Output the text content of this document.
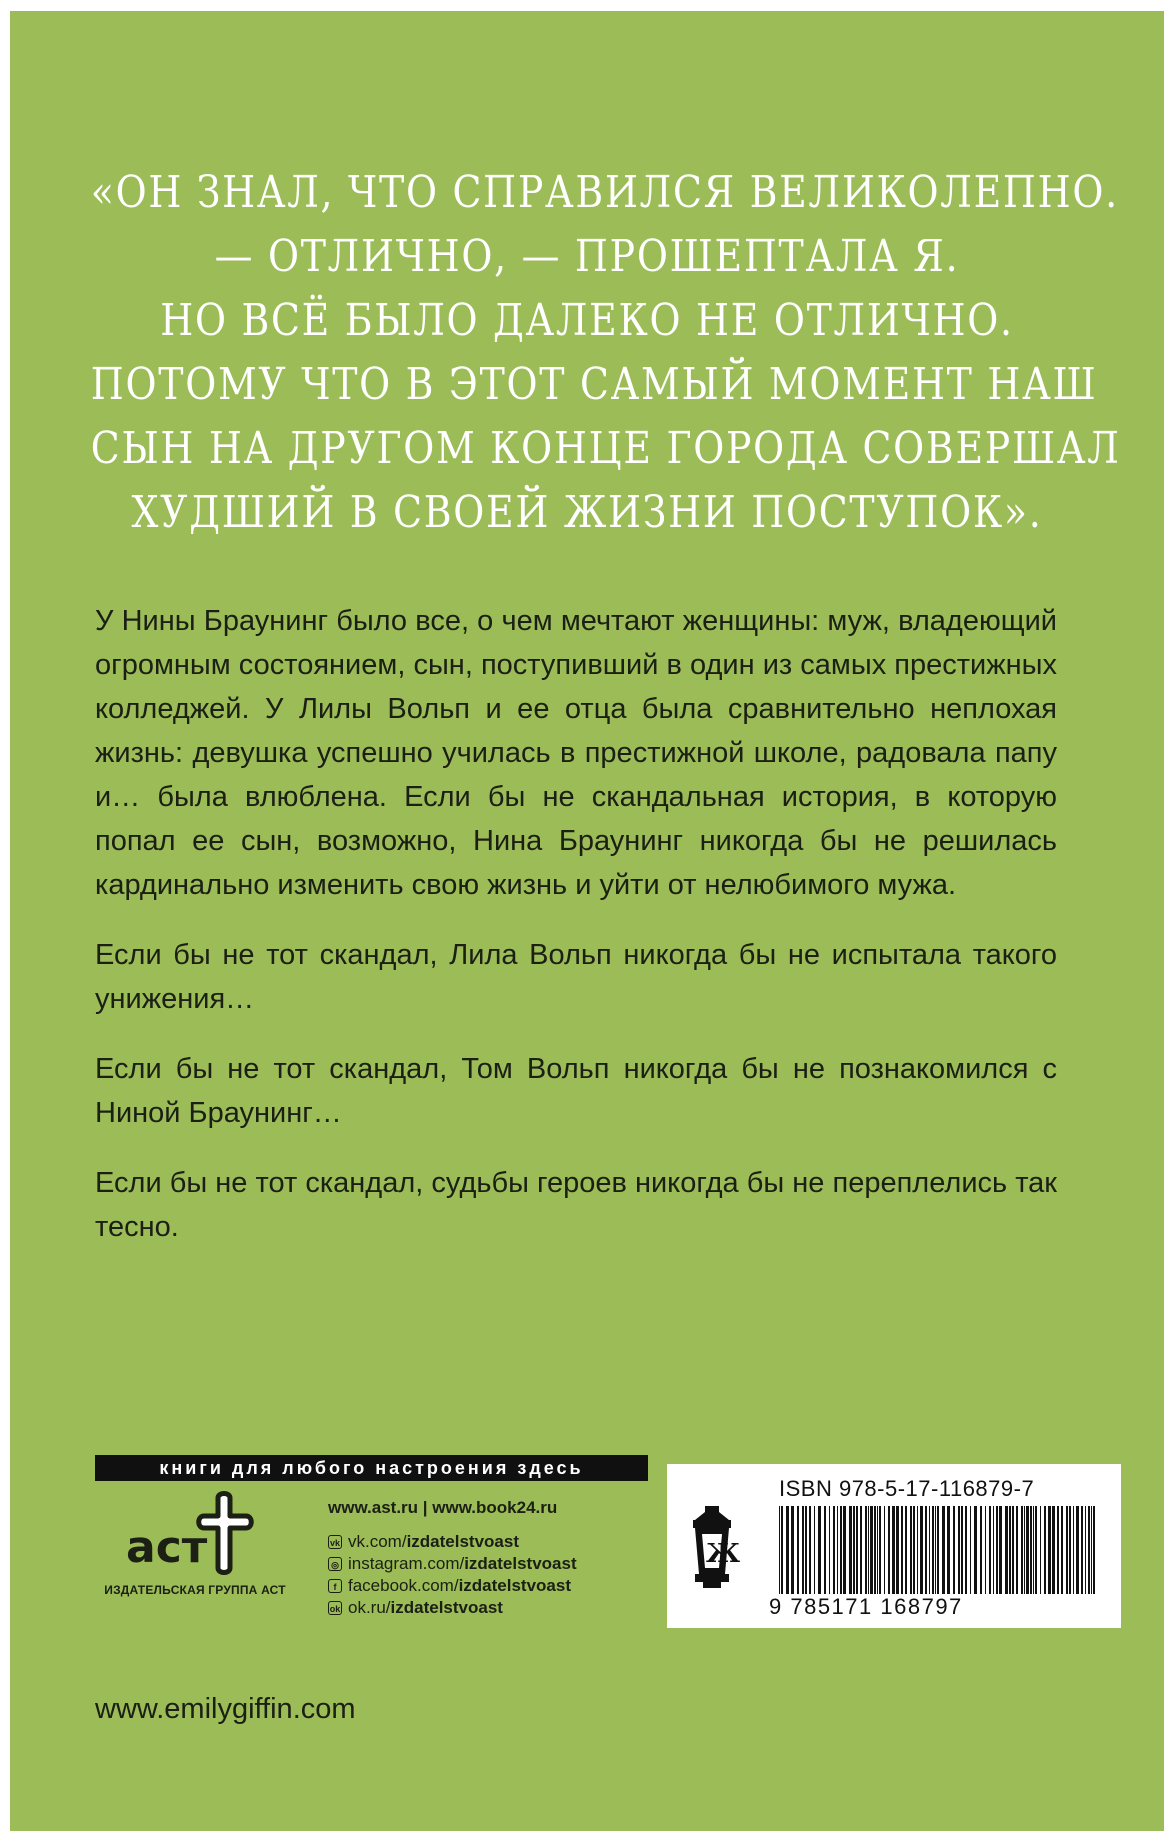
«ОН ЗНАЛ, ЧТО СПРАВИЛСЯ ВЕЛИКОЛЕПНО.
— ОТЛИЧНО, — ПРОШЕПТАЛА Я.
НО ВСЁ БЫЛО ДАЛЕКО НЕ ОТЛИЧНО.
ПОТОМУ ЧТО В ЭТОТ САМЫЙ МОМЕНТ НАШ
СЫН НА ДРУГОМ КОНЦЕ ГОРОДА СОВЕРШАЛ
ХУДШИЙ В СВОЕЙ ЖИЗНИ ПОСТУПОК».

У Нины Браунинг было все, о чем мечтают женщины: муж, владеющий огромным состоянием, сын, поступивший в один из самых престижных колледжей. У Лилы Вольп и ее отца была сравнительно неплохая жизнь: девушка успешно училась в престижной школе, радовала папу и… была влюблена. Если бы не скандальная история, в которую попал ее сын, возможно, Нина Браунинг никогда бы не решилась кардинально изменить свою жизнь и уйти от нелюбимого мужа.

Если бы не тот скандал, Лила Вольп никогда бы не испытала такого унижения…

Если бы не тот скандал, Том Вольп никогда бы не познакомился с Ниной Браунинг…

Если бы не тот скандал, судьбы героев никогда бы не переплелись так тесно.

книги для любого настроения здесь
аст
ИЗДАТЕЛЬСКАЯ ГРУППА АСТ
www.ast.ru | www.book24.ru
vk vk.com/ izdatelstvoast
◎ instagram.com/ izdatelstvoast
f facebook.com/ izdatelstvoast
ok ok.ru/ izdatelstvoast
Ж
ISBN 978-5-17-116879-7
9 785171 168797
www.emilygiffin.com
